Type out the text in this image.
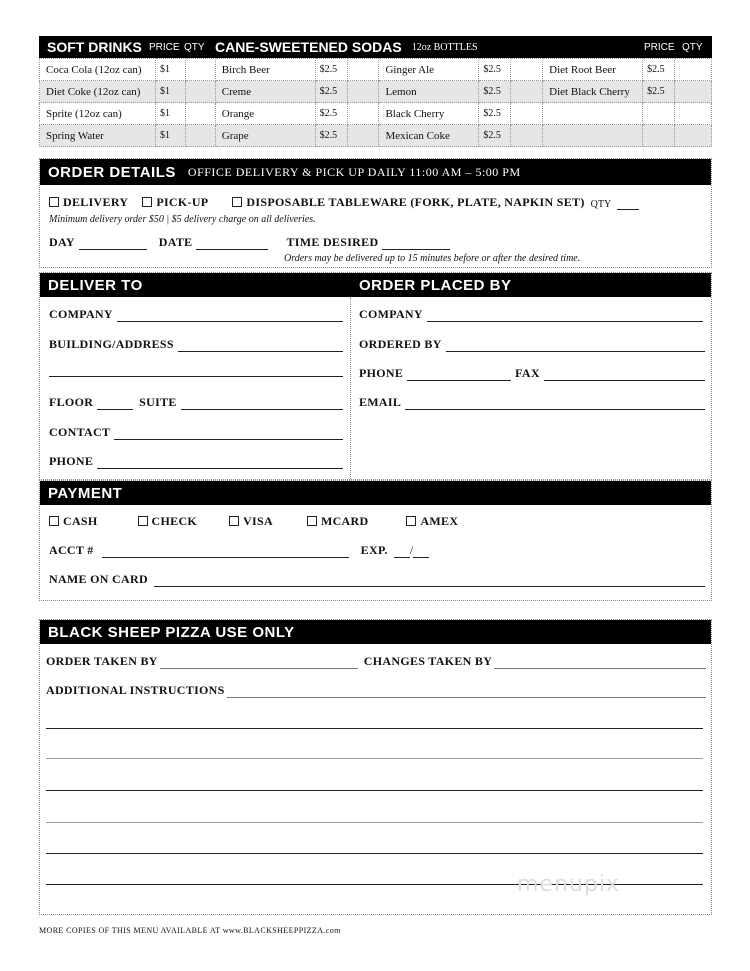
SOFT DRINKS PRICE QTY CANE-SWEETENED SODAS 12oz BOTTLES	PRICE QTY
Coca Cola (12oz can)	$1		Birch Beer	$2.5		Ginger Ale	$2.5		Diet Root Beer	$2.5	
Diet Coke (12oz can)	$1		Creme	$2.5		Lemon	$2.5		Diet Black Cherry	$2.5	
Sprite (12oz can)	$1		Orange	$2.5		Black Cherry	$2.5				
Spring Water	$1		Grape	$2.5		Mexican Coke	$2.5				
ORDER DETAILS OFFICE DELIVERY & PICK UP DAILY 11:00 AM – 5:00 PM
DELIVERY	PICK-UP	DISPOSABLE TABLEWARE (FORK, PLATE, NAPKIN SET) QTY
Minimum delivery order $50 | $5 delivery charge on all deliveries.
DAY	DATE	TIME DESIRED
Orders may be delivered up to 15 minutes before or after the desired time.
DELIVER TO	ORDER PLACED BY
COMPANY
BUILDING/ADDRESS
FLOOR	SUITE
CONTACT
PHONE
COMPANY
ORDERED BY
PHONE	FAX
EMAIL
PAYMENT
CASH	CHECK	VISA	MCARD	AMEX
ACCT #	EXP. /
NAME ON CARD
BLACK SHEEP PIZZA USE ONLY
ORDER TAKEN BY	CHANGES TAKEN BY
ADDITIONAL INSTRUCTIONS
menupix
MORE COPIES OF THIS MENU AVAILABLE AT www.BLACKSHEEPPIZZA.com
